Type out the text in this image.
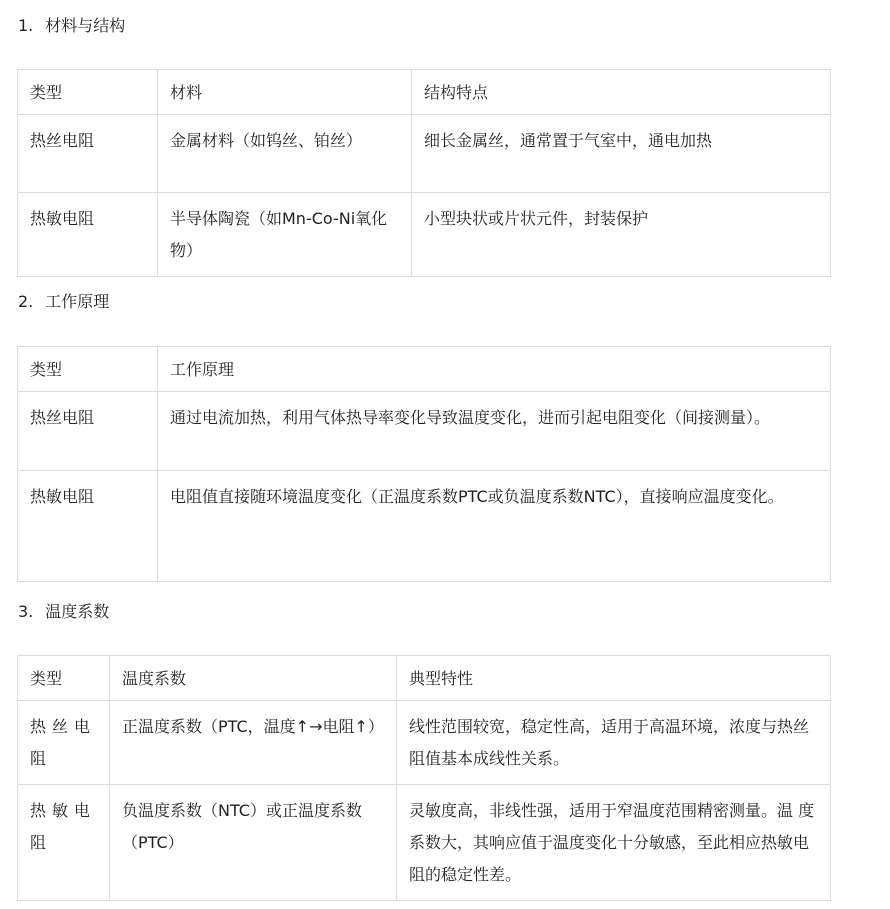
1. 材料与结构
类型	材料	结构特点
热丝电阻	金属材料（如钨丝、铂丝）	细长金属丝，通常置于气室中，通电加热
热敏电阻	半导体陶瓷（如Mn-Co-Ni氧化物）	小型块状或片状元件，封装保护
2. 工作原理
类型	工作原理
热丝电阻	通过电流加热，利用气体热导率变化导致温度变化，进而引起电阻变化（间接测量）。
热敏电阻	电阻值直接随环境温度变化（正温度系数PTC或负温度系数NTC），直接响应温度变化。
3. 温度系数
类型	温度系数	典型特性
热丝电阻	正温度系数（PTC，温度↑→电阻↑）	线性范围较宽，稳定性高，适用于高温环境，浓度与热丝 阻值基本成线性关系。
热敏电阻	负温度系数（NTC）或正温度系数（PTC）	灵敏度高，非线性强，适用于窄温度范围精密测量。温 度系数大，其响应值于温度变化十分敏感，至此相应热敏电阻的稳定性差。
